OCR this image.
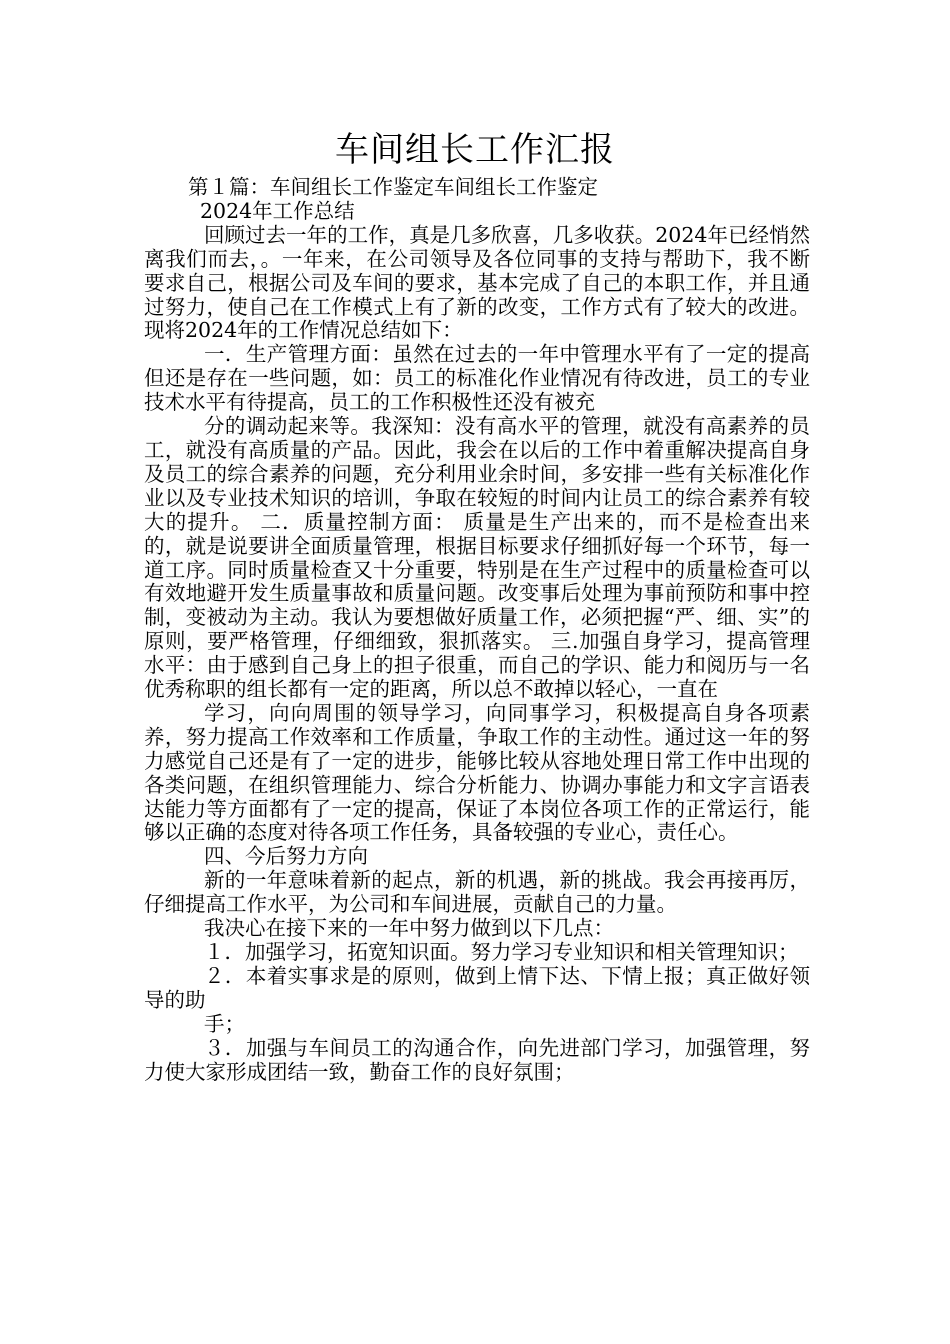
车间组长工作汇报

第１篇：车间组长工作鉴定车间组长工作鉴定

2024年工作总结

回顾过去一年的工作，真是几多欣喜，几多收获。2024年已经悄然离我们而去，。一年来，在公司领导及各位同事的支持与帮助下，我不断要求自己，根据公司及车间的要求，基本完成了自己的本职工作，并且通过努力，使自己在工作模式上有了新的改变，工作方式有了较大的改进。现将2024年的工作情况总结如下：

一．生产管理方面：虽然在过去的一年中管理水平有了一定的提高但还是存在一些问题，如：员工的标准化作业情况有待改进，员工的专业技术水平有待提高，员工的工作积极性还没有被充

分的调动起来等。我深知：没有高水平的管理，就没有高素养的员工，就没有高质量的产品。因此，我会在以后的工作中着重解决提高自身及员工的综合素养的问题，充分利用业余时间，多安排一些有关标准化作业以及专业技术知识的培训，争取在较短的时间内让员工的综合素养有较大的提升。 二．质量控制方面： 质量是生产出来的，而不是检查出来的，就是说要讲全面质量管理，根据目标要求仔细抓好每一个环节，每一道工序。同时质量检查又十分重要，特别是在生产过程中的质量检查可以有效地避开发生质量事故和质量问题。改变事后处理为事前预防和事中控制，变被动为主动。我认为要想做好质量工作，必须把握“严、细、实”的原则，要严格管理，仔细细致，狠抓落实。 三.加强自身学习，提高管理水平：由于感到自己身上的担子很重，而自己的学识、能力和阅历与一名优秀称职的组长都有一定的距离，所以总不敢掉以轻心，一直在

学习，向向周围的领导学习，向同事学习，积极提高自身各项素养，努力提高工作效率和工作质量，争取工作的主动性。通过这一年的努力感觉自己还是有了一定的进步，能够比较从容地处理日常工作中出现的各类问题，在组织管理能力、综合分析能力、协调办事能力和文字言语表达能力等方面都有了一定的提高，保证了本岗位各项工作的正常运行，能够以正确的态度对待各项工作任务，具备较强的专业心，责任心。

四、今后努力方向

新的一年意味着新的起点，新的机遇，新的挑战。我会再接再厉，仔细提高工作水平，为公司和车间进展，贡献自己的力量。

我决心在接下来的一年中努力做到以下几点：

１．加强学习，拓宽知识面。努力学习专业知识和相关管理知识；

２．本着实事求是的原则，做到上情下达、下情上报；真正做好领导的助

手；

３．加强与车间员工的沟通合作，向先进部门学习，加强管理，努力使大家形成团结一致，勤奋工作的良好氛围；
